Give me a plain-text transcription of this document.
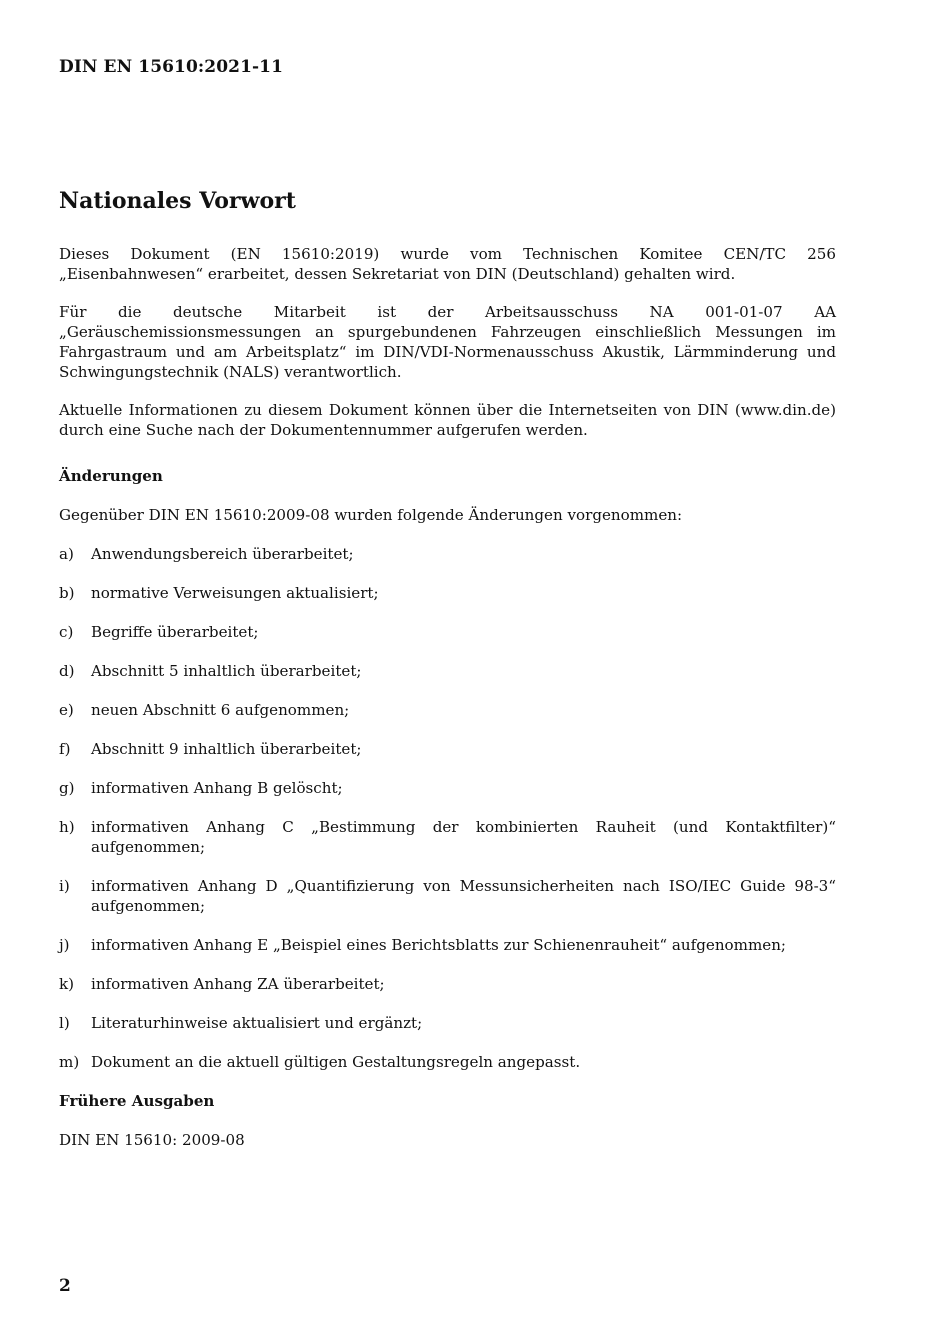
DIN EN 15610:2021-11
Nationales Vorwort
Dieses Dokument (EN 15610:2019) wurde vom Technischen Komitee CEN/TC 256 „Eisenbahnwesen“ erarbeitet, dessen Sekretariat von DIN (Deutschland) gehalten wird.
Für die deutsche Mitarbeit ist der Arbeitsausschuss NA 001-01-07 AA „Geräuschemissionsmessungen an spurgebundenen Fahrzeugen einschließlich Messungen im Fahrgastraum und am Arbeitsplatz“ im DIN/VDI-Normenausschuss Akustik, Lärmminderung und Schwingungstechnik (NALS) verantwortlich.
Aktuelle Informationen zu diesem Dokument können über die Internetseiten von DIN (www.din.de) durch eine Suche nach der Dokumentennummer aufgerufen werden.
Änderungen
Gegenüber DIN EN 15610:2009-08 wurden folgende Änderungen vorgenommen:
a)	Anwendungsbereich überarbeitet;
b)	normative Verweisungen aktualisiert;
c)	Begriffe überarbeitet;
d)	Abschnitt 5 inhaltlich überarbeitet;
e)	neuen Abschnitt 6 aufgenommen;
f)	Abschnitt 9 inhaltlich überarbeitet;
g)	informativen Anhang B gelöscht;
h)	informativen Anhang C „Bestimmung der kombinierten Rauheit (und Kontaktfilter)“ aufgenommen;
i)	informativen Anhang D „Quantifizierung von Messunsicherheiten nach ISO/IEC Guide 98-3“ aufgenommen;
j)	informativen Anhang E „Beispiel eines Berichtsblatts zur Schienenrauheit“ aufgenommen;
k)	informativen Anhang ZA überarbeitet;
l)	Literaturhinweise aktualisiert und ergänzt;
m) Dokument an die aktuell gültigen Gestaltungsregeln angepasst.
Frühere Ausgaben
DIN EN 15610: 2009-08
2
